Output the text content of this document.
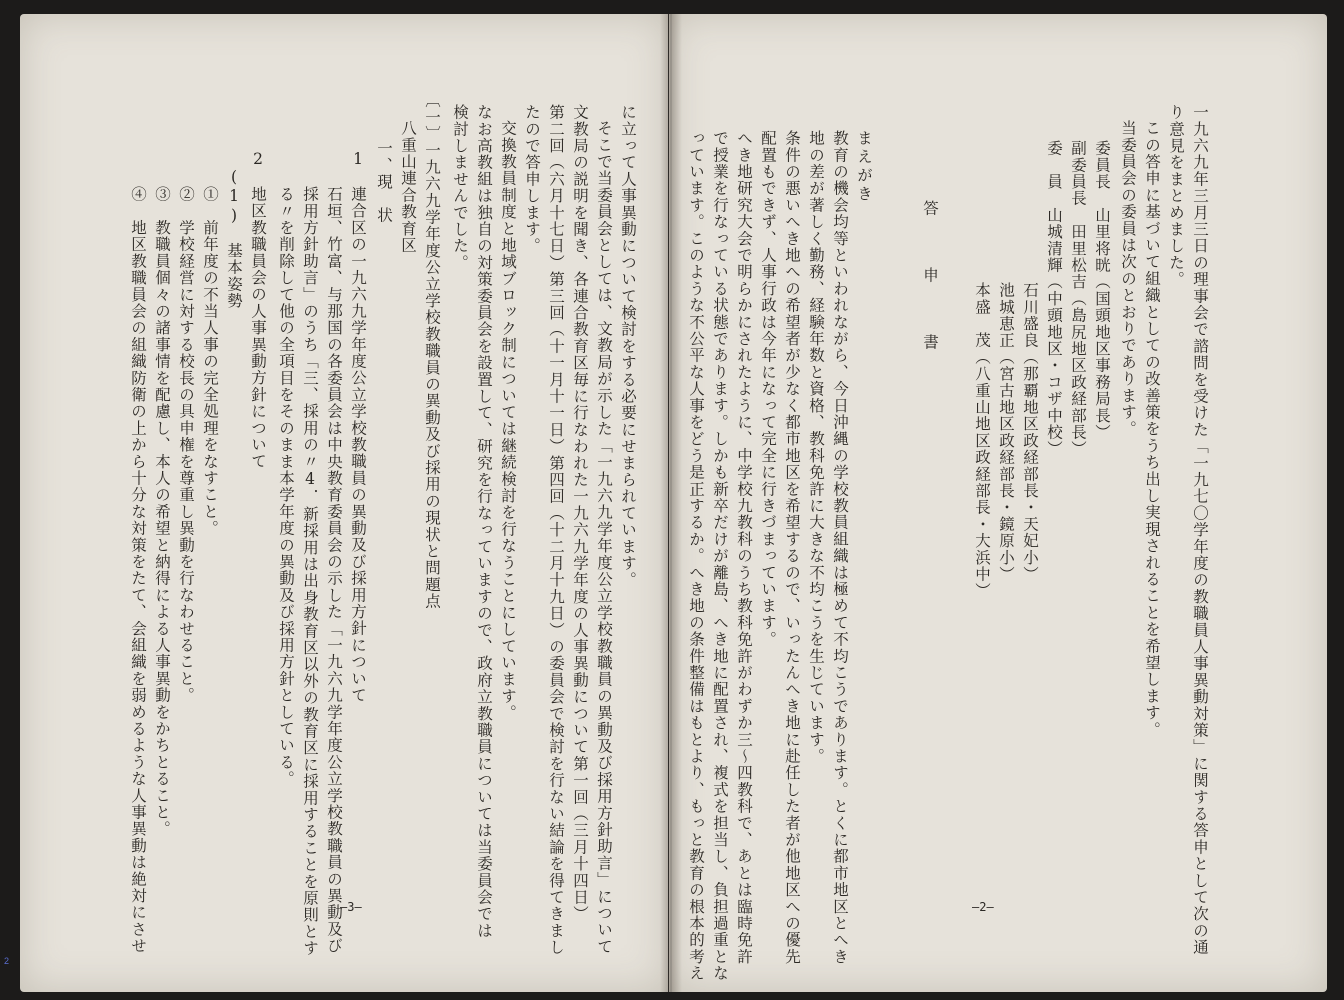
一九六九年三月三日の理事会で諮問を受けた「一九七〇学年度の教職員人事異動対策」に関する答申として次の通
り意見をまとめました。
この答申に基づいて組織としての改善策をうち出し実現されることを希望します。
当委員会の委員は次のとおりであります。
委員長　山里将晄（国頭地区事務局長）
副委員長　田里松吉（島尻地区政経部長）
委　員　山城清輝（中頭地区・コザ中校）
石川盛良（那覇地区政経部長・天妃小）
池城恵正（宮古地区政経部長・鏡原小）
本盛　茂（八重山地区政経部長・大浜中）
答　申　書
まえがき
教育の機会均等といわれながら、今日沖縄の学校教員組織は極めて不均こうであります。とくに都市地区とへき
地の差が著しく勤務、経験年数と資格、教科免許に大きな不均こうを生じています。
条件の悪いへき地への希望者が少なく都市地区を希望するので、いったんへき地に赴任した者が他地区への優先
配置もできず、人事行政は今年になって完全に行きづまっています。
へき地研究大会で明らかにされたように、中学校九教科のうち教科免許がわずか三～四教科で、あとは臨時免許
で授業を行なっている状態であります。しかも新卒だけが離島、へき地に配置され、複式を担当し、負担過重とな
っています。このような不公平な人事をどう是正するか。へき地の条件整備はもとより、もっと教育の根本的考え	—2—
に立って人事異動について検討をする必要にせまられています。
そこで当委員会としては、文教局が示した「一九六九学年度公立学校教職員の異動及び採用方針助言」について
文教局の説明を聞き、各連合教育区毎に行なわれた一九六九学年度の人事異動について第一回（三月十四日）
第二回（六月十七日）第三回（十一月十一日）第四回（十二月十九日）の委員会で検討を行ない結論を得てきまし
たので答申します。
交換教員制度と地域ブロック制については継続検討を行なうことにしています。
なお高教組は独自の対策委員会を設置して、研究を行なっていますので、政府立教職員については当委員会では
検討しませんでした。
〔一〕一九六九学年度公立学校教職員の異動及び採用の現状と問題点
八重山連合教育区
一、現　状
1　連合区の一九六九学年度公立学校教職員の異動及び採用方針について
石垣、竹富、与那国の各委員会は中央教育委員会の示した「一九六九学年度公立学校教職員の異動及び
採用方針助言」のうち「三、採用の〃4．新採用は出身教育区以外の教育区に採用することを原則とす
る〃を削除して他の全項目をそのまま本学年度の異動及び採用方針としている。
2　地区教職員会の人事異動方針について
(1)　基本姿勢
①　前年度の不当人事の完全処理をなすこと。
②　学校経営に対する校長の具申権を尊重し異動を行なわせること。
③　教職員個々の諸事情を配慮し、本人の希望と納得による人事異動をかちとること。
④　地区教職員会の組織防衛の上から十分な対策をたて、会組織を弱めるような人事異動は絶対にさせ	—3—
2
